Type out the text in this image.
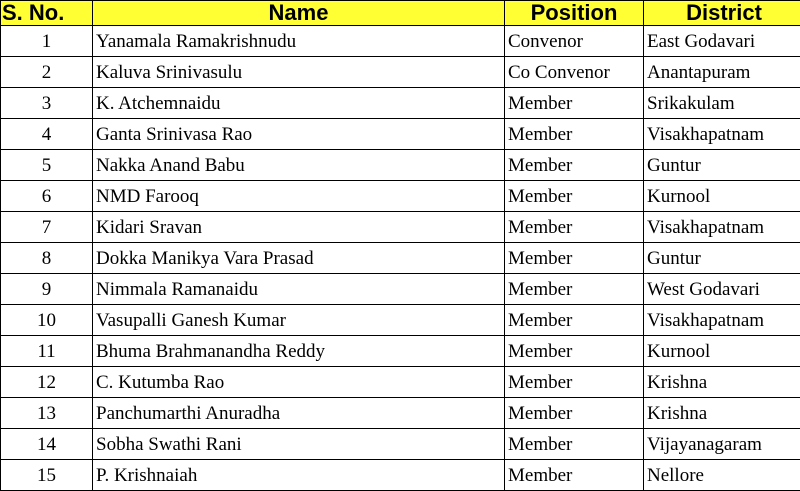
S. No.	Name	Position	District
1	Yanamala Ramakrishnudu	Convenor	East Godavari
2	Kaluva Srinivasulu	Co Convenor	Anantapuram
3	K. Atchemnaidu	Member	Srikakulam
4	Ganta Srinivasa Rao	Member	Visakhapatnam
5	Nakka Anand Babu	Member	Guntur
6	NMD Farooq	Member	Kurnool
7	Kidari Sravan	Member	Visakhapatnam
8	Dokka Manikya Vara Prasad	Member	Guntur
9	Nimmala Ramanaidu	Member	West Godavari
10	Vasupalli Ganesh Kumar	Member	Visakhapatnam
11	Bhuma Brahmanandha Reddy	Member	Kurnool
12	C. Kutumba Rao	Member	Krishna
13	Panchumarthi Anuradha	Member	Krishna
14	Sobha Swathi Rani	Member	Vijayanagaram
15	P. Krishnaiah	Member	Nellore
